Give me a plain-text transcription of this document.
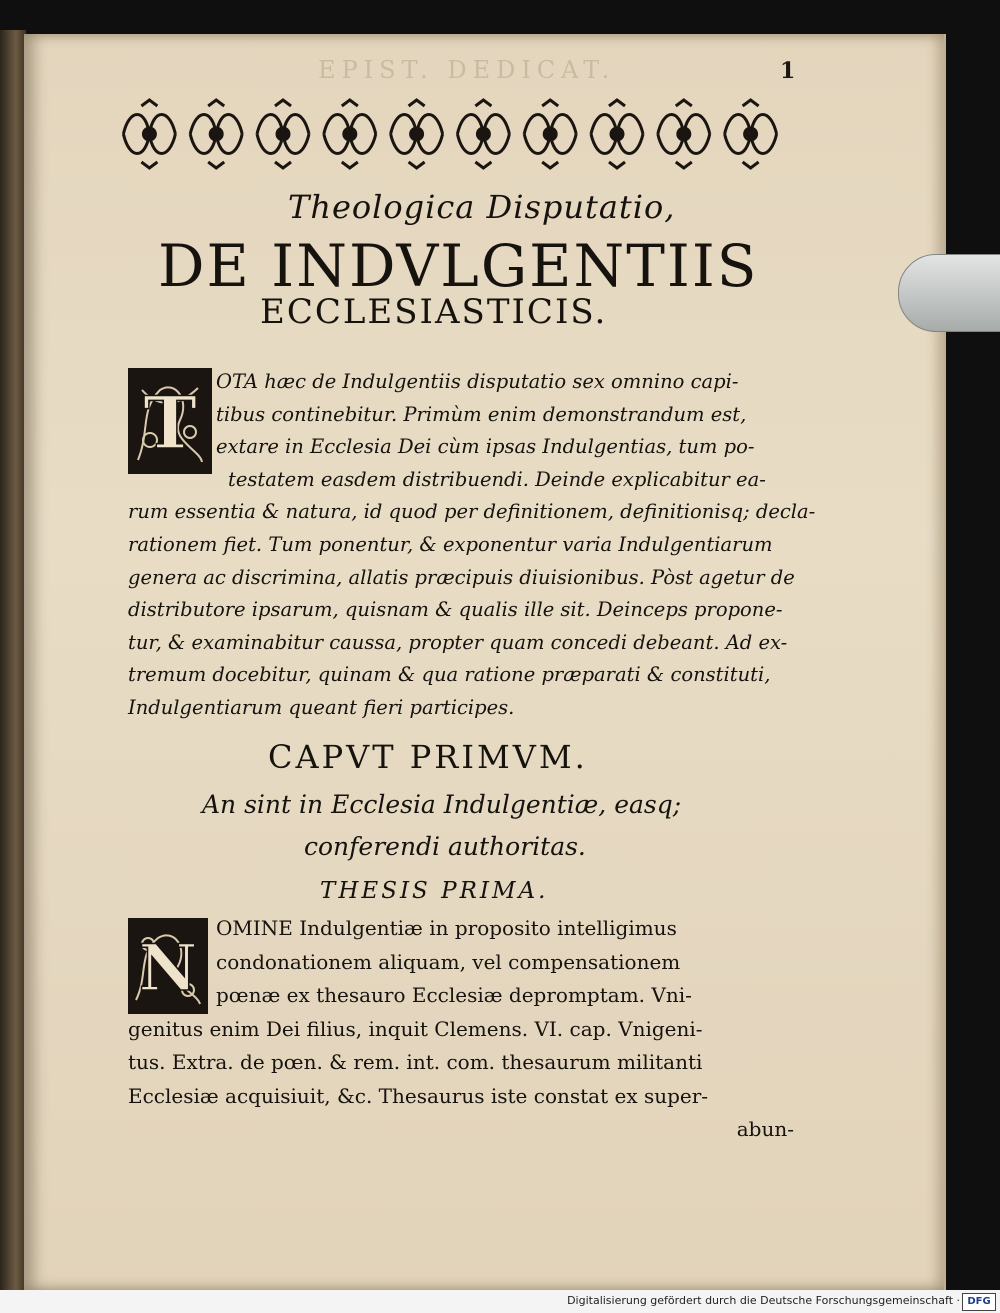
EPIST. DEDICAT.	1
Theologica Disputatio,
DE INDVLGENTIIS
ECCLESIASTICIS.
T OTA hæc de Indulgentiis disputatio sex omnino capi-
tibus continebitur. Primùm enim demonstrandum est,
extare in Ecclesia Dei cùm ipsas Indulgentias, tum po-
testatem easdem distribuendi. Deinde explicabitur ea-
rum essentia & natura, id quod per definitionem, definitionisq; decla-
rationem fiet. Tum ponentur, & exponentur varia Indulgentiarum
genera ac discrimina, allatis præcipuis diuisionibus. Pòst agetur de
distributore ipsarum, quisnam & qualis ille sit. Deinceps propone-
tur, & examinabitur caussa, propter quam concedi debeant. Ad ex-
tremum docebitur, quinam & qua ratione præparati & constituti,
Indulgentiarum queant fieri participes.
CAPVT PRIMVM.
An sint in Ecclesia Indulgentiæ, easq;
conferendi authoritas.
THESIS PRIMA.
N
OMINE Indulgentiæ in proposito intelligimus
condonationem aliquam, vel compensationem
pœnæ ex thesauro Ecclesiæ depromptam. Vni-
genitus enim Dei filius, inquit Clemens. VI. cap. Vnigeni-
tus. Extra. de pœn. & rem. int. com. thesaurum militanti
Ecclesiæ acquisiuit, &c. Thesaurus iste constat ex super-
abun-
Digitalisierung gefördert durch die Deutsche Forschungsgemeinschaft · DFG
